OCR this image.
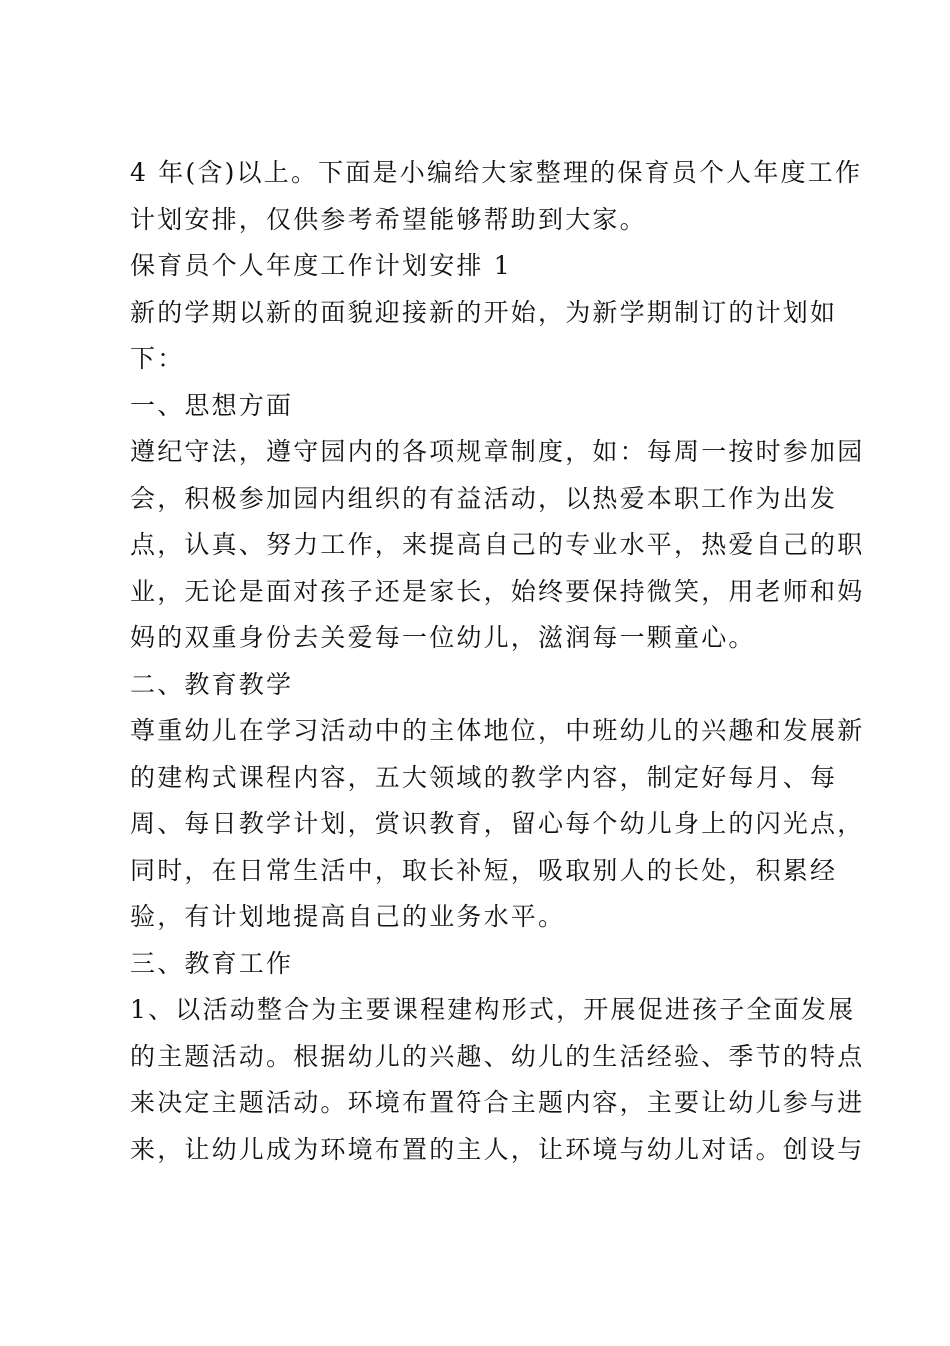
4 年(含)以上。下面是小编给大家整理的保育员个人年度工作
计划安排，仅供参考希望能够帮助到大家。
保育员个人年度工作计划安排 1
新的学期以新的面貌迎接新的开始，为新学期制订的计划如
下：
一、思想方面
遵纪守法，遵守园内的各项规章制度，如：每周一按时参加园
会，积极参加园内组织的有益活动，以热爱本职工作为出发
点，认真、努力工作，来提高自己的专业水平，热爱自己的职
业，无论是面对孩子还是家长，始终要保持微笑，用老师和妈
妈的双重身份去关爱每一位幼儿，滋润每一颗童心。
二、教育教学
尊重幼儿在学习活动中的主体地位，中班幼儿的兴趣和发展新
的建构式课程内容，五大领域的教学内容，制定好每月、每
周、每日教学计划，赏识教育，留心每个幼儿身上的闪光点，
同时，在日常生活中，取长补短，吸取别人的长处，积累经
验，有计划地提高自己的业务水平。
三、教育工作
1、以活动整合为主要课程建构形式，开展促进孩子全面发展
的主题活动。根据幼儿的兴趣、幼儿的生活经验、季节的特点
来决定主题活动。环境布置符合主题内容，主要让幼儿参与进
来，让幼儿成为环境布置的主人，让环境与幼儿对话。创设与
